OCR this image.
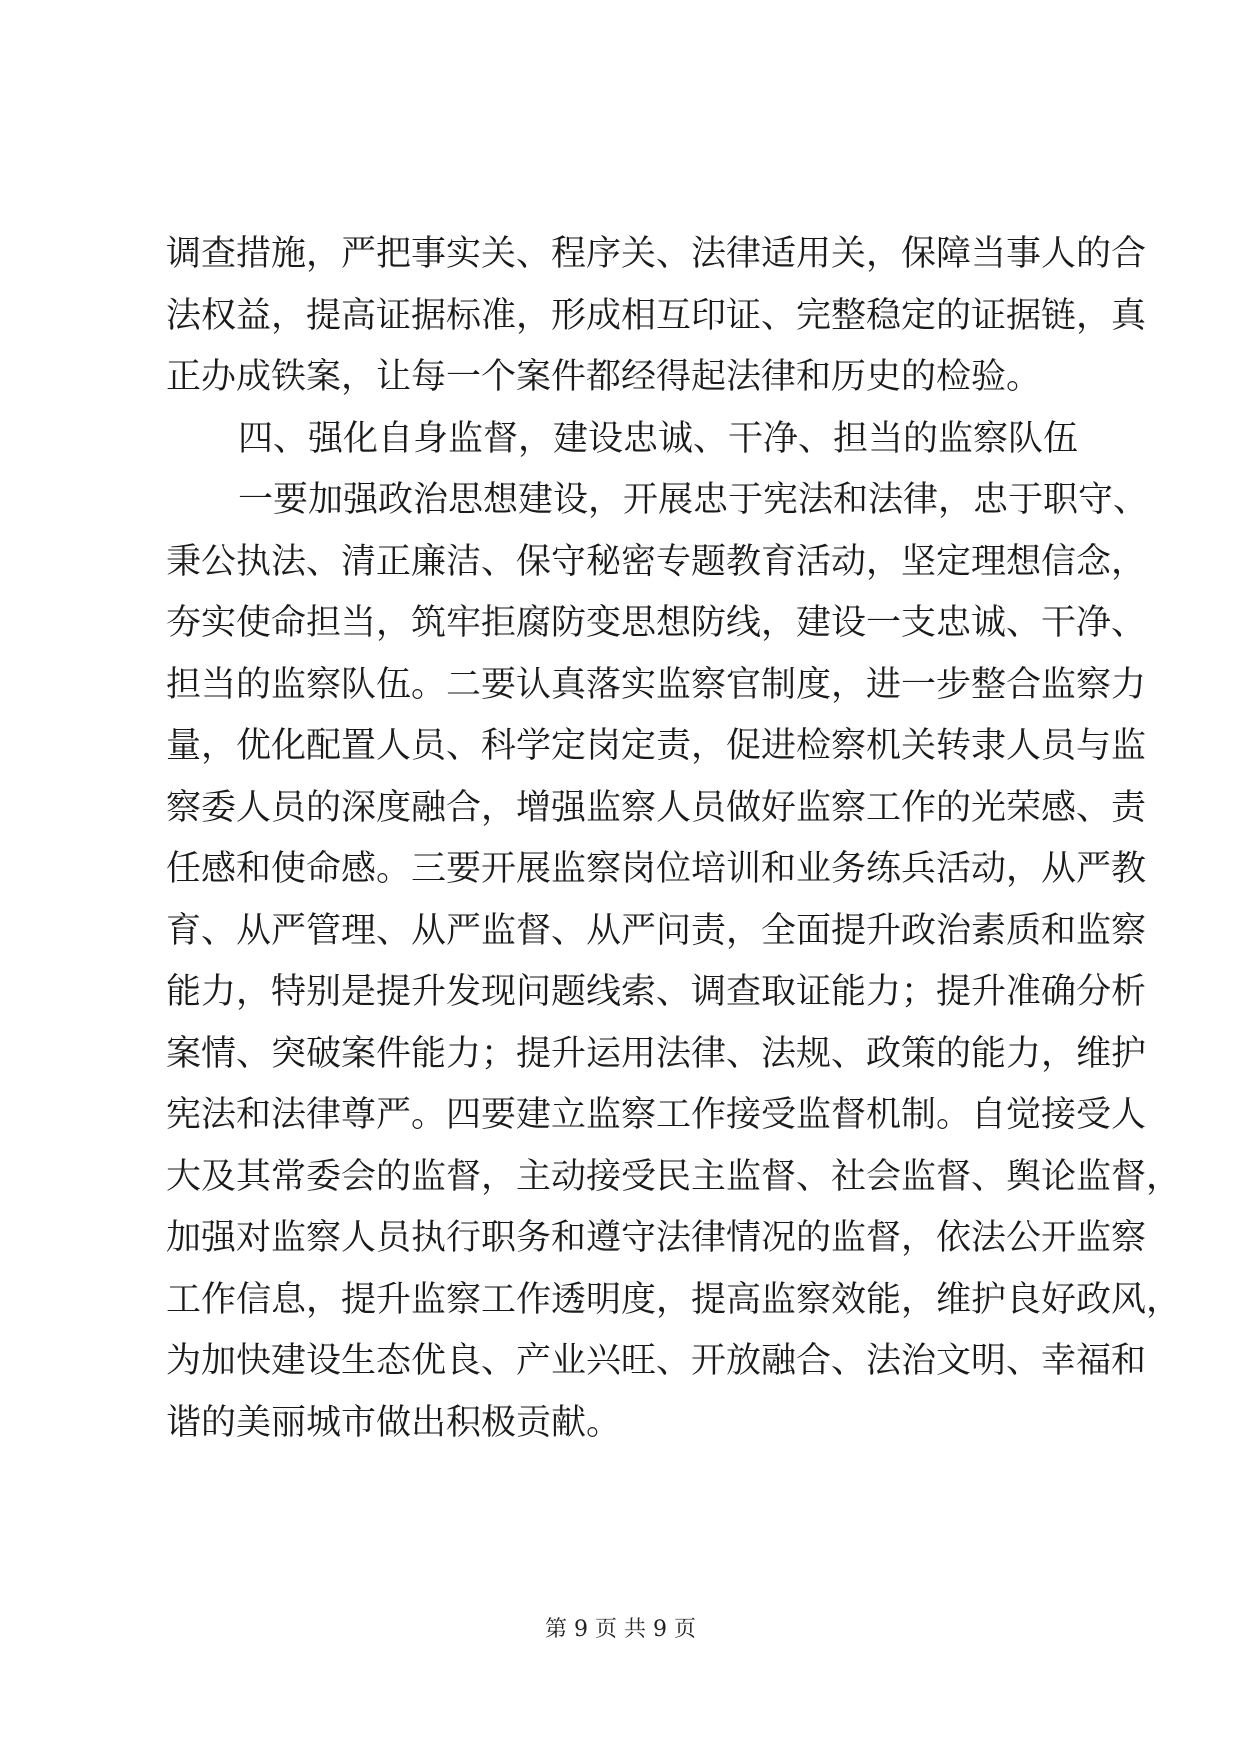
调查措施，严把事实关、程序关、法律适用关，保障当事人的合
法权益，提高证据标准，形成相互印证、完整稳定的证据链，真
正办成铁案，让每一个案件都经得起法律和历史的检验。
四、强化自身监督，建设忠诚、干净、担当的监察队伍
一要加强政治思想建设，开展忠于宪法和法律，忠于职守、
秉公执法、清正廉洁、保守秘密专题教育活动，坚定理想信念，
夯实使命担当，筑牢拒腐防变思想防线，建设一支忠诚、干净、
担当的监察队伍。二要认真落实监察官制度，进一步整合监察力
量，优化配置人员、科学定岗定责，促进检察机关转隶人员与监
察委人员的深度融合，增强监察人员做好监察工作的光荣感、责
任感和使命感。三要开展监察岗位培训和业务练兵活动，从严教
育、从严管理、从严监督、从严问责，全面提升政治素质和监察
能力，特别是提升发现问题线索、调查取证能力；提升准确分析
案情、突破案件能力；提升运用法律、法规、政策的能力，维护
宪法和法律尊严。四要建立监察工作接受监督机制。自觉接受人
大及其常委会的监督，主动接受民主监督、社会监督、舆论监督，
加强对监察人员执行职务和遵守法律情况的监督，依法公开监察
工作信息，提升监察工作透明度，提高监察效能，维护良好政风，
为加快建设生态优良、产业兴旺、开放融合、法治文明、幸福和
谐的美丽城市做出积极贡献。
第 9 页 共 9 页
